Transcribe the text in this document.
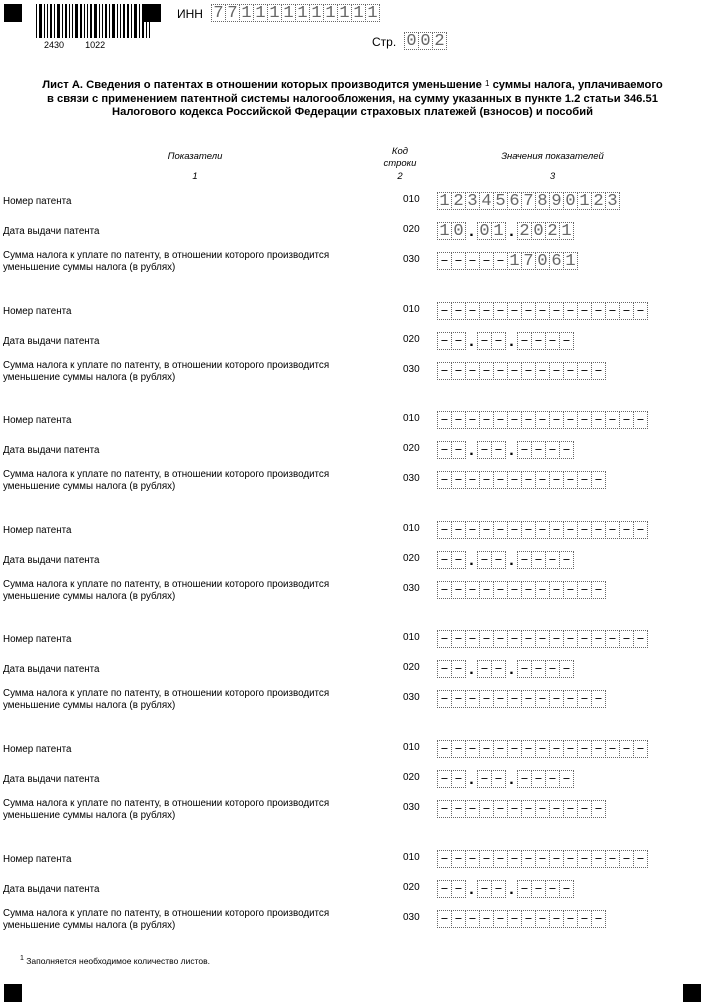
2430 1022
ИНН 7 7 1 1 1 1 1 1 1 1 1 1
Стр. 0 0 2
Лист А. Сведения о патентах в отношении которых производится уменьшение $^1$ суммы налога, уплачиваемого в связи с применением патентной системы налогообложения, на сумму указанных в пункте 1.2 статьи 346.51 Налогового кодекса Российской Федерации страховых платежей (взносов) и пособий
Показатели
1
Код
строки
2
Значения показателей
3
Номер патента	010 1 2 3 4 5 6 7 8 9 0 1 2 3
Дата выдачи патента	020 1 0 . 0 1 . 2 0 2 1
Сумма налога к уплате по патенту, в отношении которого производится
уменьшение суммы налога (в рублях)
030 – – – – – 1 7 0 6 1
Номер патента	010 – – – – – – – – – – – – – – –
Дата выдачи патента	020 – – . – – . – – – –
Сумма налога к уплате по патенту, в отношении которого производится
уменьшение суммы налога (в рублях)
030 – – – – – – – – – – – –
Номер патента	010 – – – – – – – – – – – – – – –
Дата выдачи патента	020 – – . – – . – – – –
Сумма налога к уплате по патенту, в отношении которого производится
уменьшение суммы налога (в рублях)
030 – – – – – – – – – – – –
Номер патента	010 – – – – – – – – – – – – – – –
Дата выдачи патента	020 – – . – – . – – – –
Сумма налога к уплате по патенту, в отношении которого производится
уменьшение суммы налога (в рублях)
030 – – – – – – – – – – – –
Номер патента	010 – – – – – – – – – – – – – – –
Дата выдачи патента	020 – – . – – . – – – –
Сумма налога к уплате по патенту, в отношении которого производится
уменьшение суммы налога (в рублях)
030 – – – – – – – – – – – –
Номер патента	010 – – – – – – – – – – – – – – –
Дата выдачи патента	020 – – . – – . – – – –
Сумма налога к уплате по патенту, в отношении которого производится
уменьшение суммы налога (в рублях)
030 – – – – – – – – – – – –
Номер патента	010 – – – – – – – – – – – – – – –
Дата выдачи патента	020 – – . – – . – – – –
Сумма налога к уплате по патенту, в отношении которого производится
уменьшение суммы налога (в рублях)
030 – – – – – – – – – – – –
$^1$ Заполняется необходимое количество листов.
